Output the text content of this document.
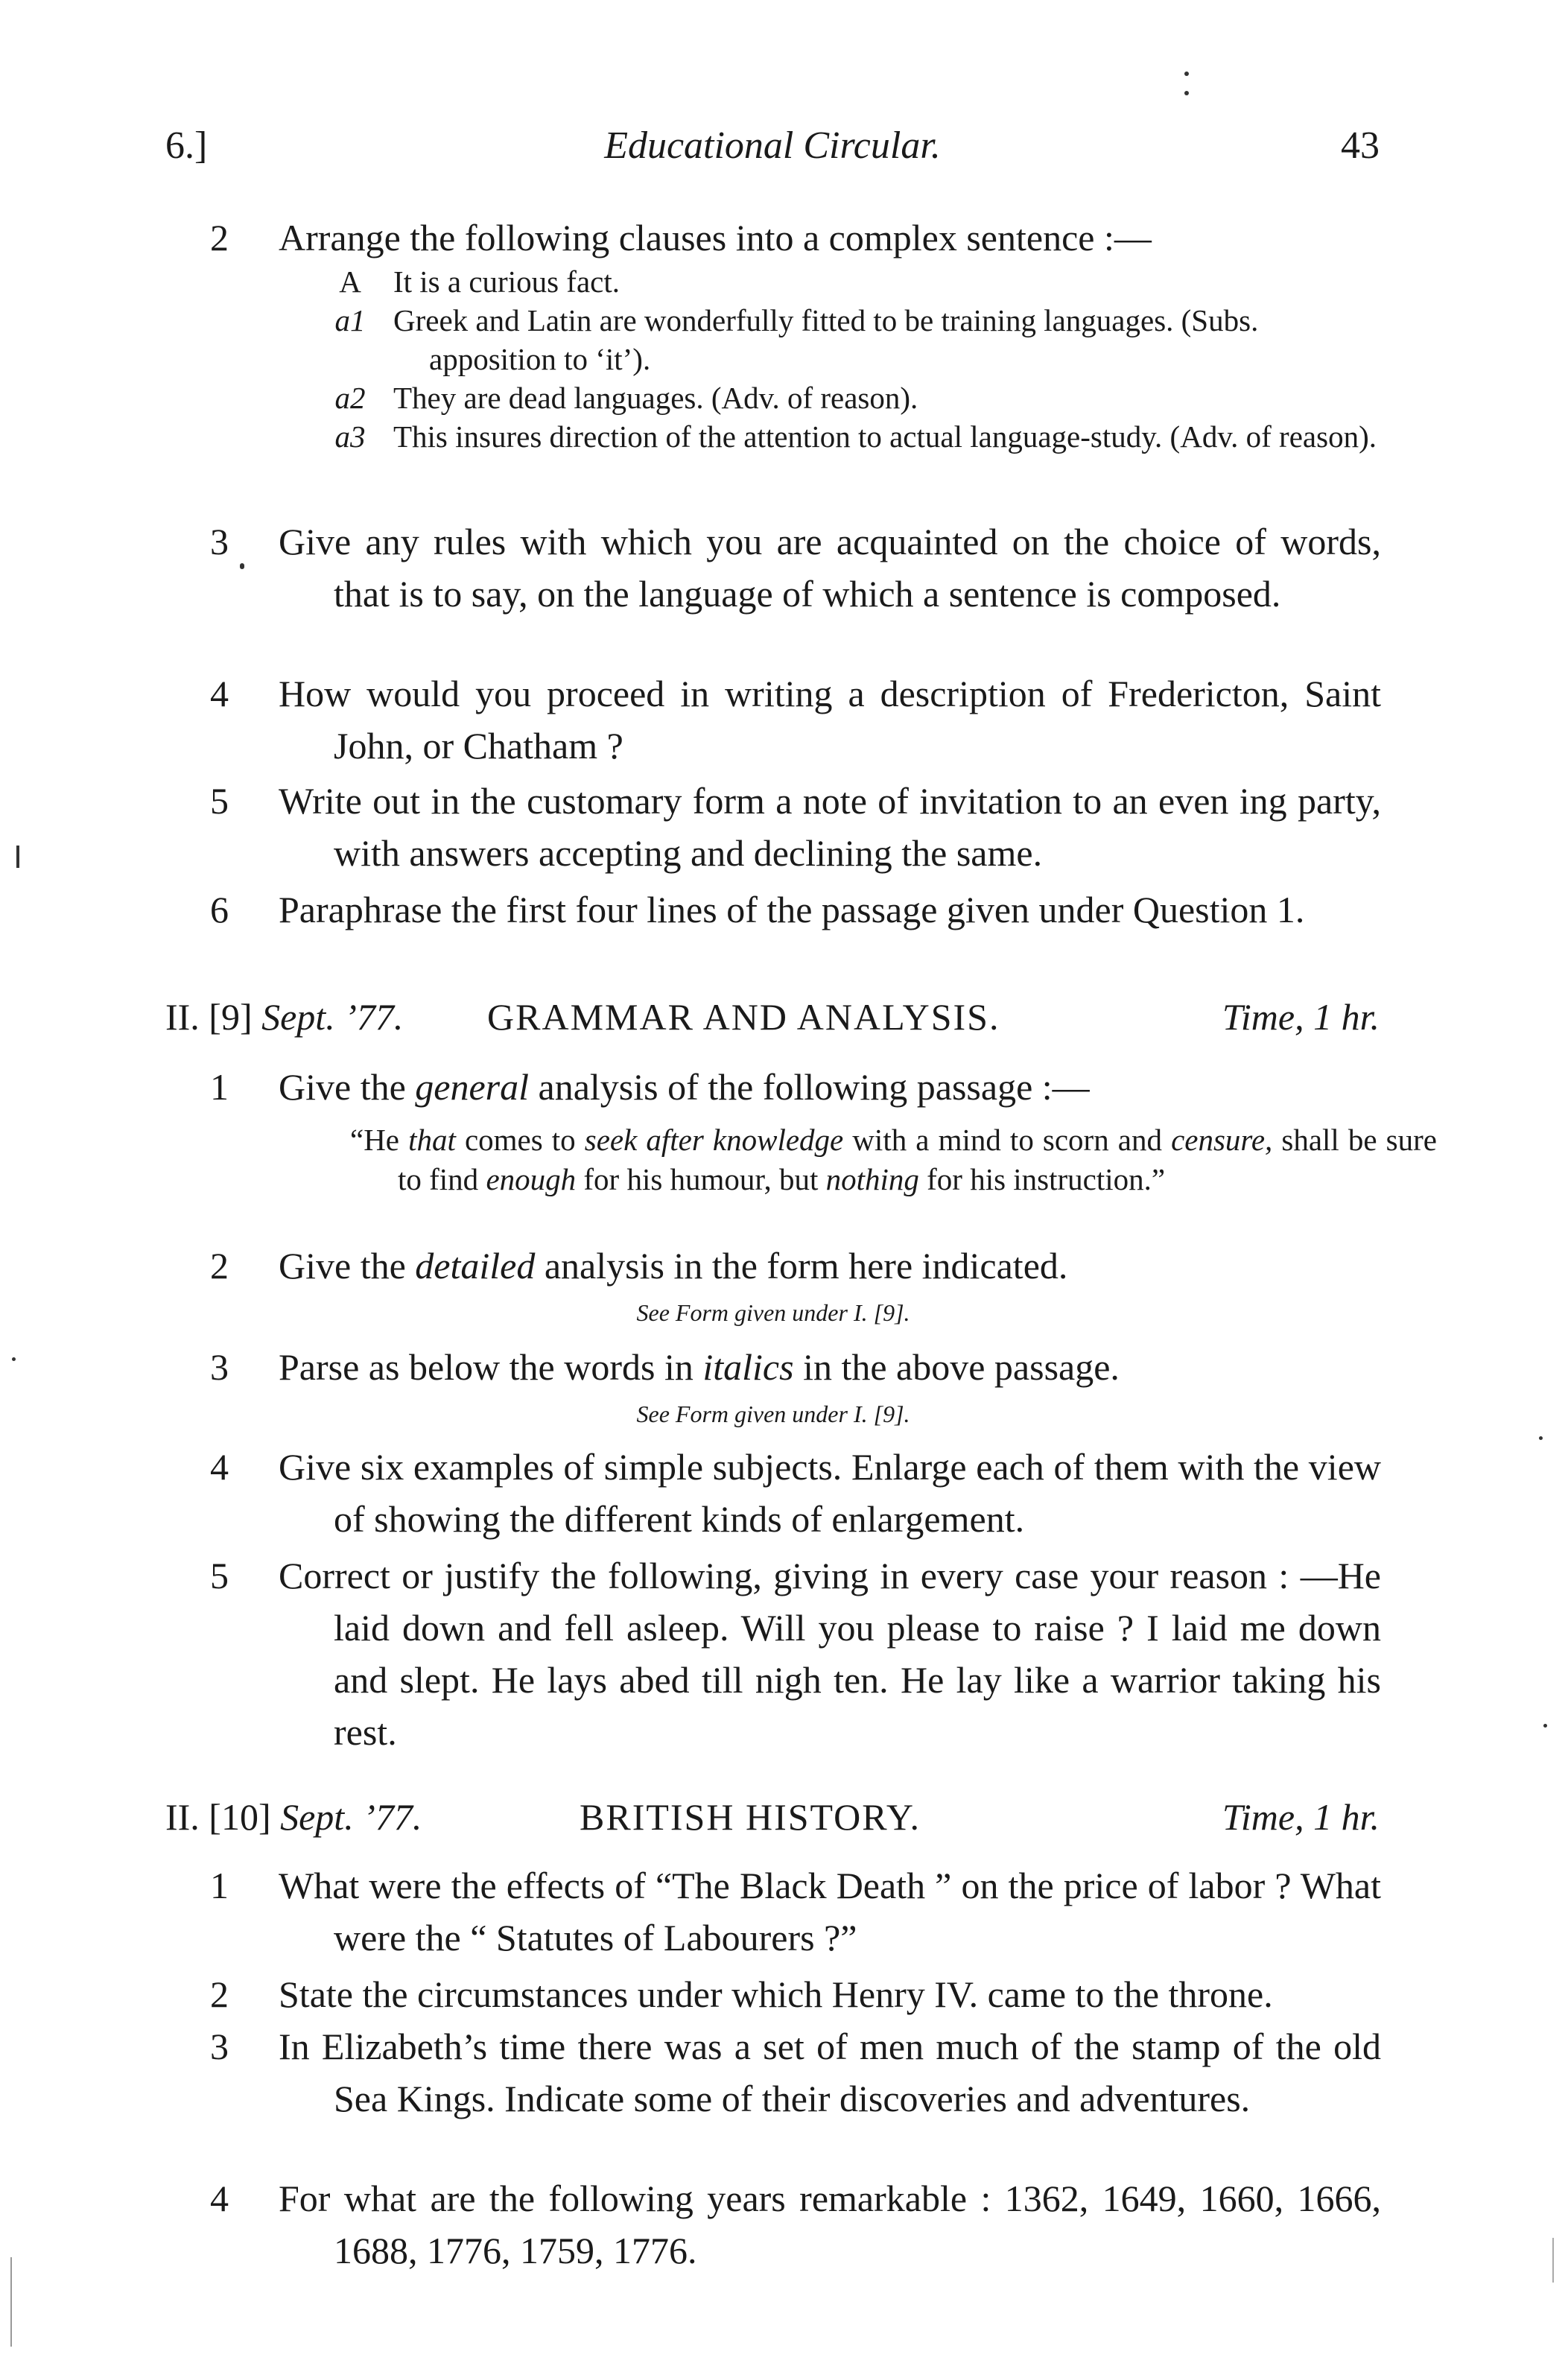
6.]	Educational Circular.	43
2	Arrange the following clauses into a complex sentence :—
A	It is a curious fact.
a1 Greek and Latin are wonderfully fitted to be training languages. (Subs. apposition to ‘it’).
a2 They are dead languages. (Adv. of reason).
a3 This insures direction of the attention to actual language-study. (Adv. of reason).
3	Give any rules with which you are acquainted on the choice of words, that is to say, on the language of which a sentence is composed.
4	How would you proceed in writing a description of Fredericton, Saint John, or Chatham ?
5	Write out in the customary form a note of invitation to an even ing party, with answers accepting and declining the same.
6	Paraphrase the first four lines of the passage given under Question 1.
II. [9] Sept. ’77. GRAMMAR AND ANALYSIS.	Time, 1 hr.
1	Give the general analysis of the following passage :—
“He that comes to seek after knowledge with a mind to scorn and censure, shall be sure to find enough for his humour, but nothing for his instruction.”
2	Give the detailed analysis in the form here indicated.
See Form given under I. [9].
3	Parse as below the words in italics in the above passage.
See Form given under I. [9].
4	Give six examples of simple subjects. Enlarge each of them with the view of showing the different kinds of enlargement.
5	Correct or justify the following, giving in every case your reason : —He laid down and fell asleep. Will you please to raise ? I laid me down and slept. He lays abed till nigh ten. He lay like a warrior taking his rest.
II. [10] Sept. ’77.	BRITISH HISTORY.	Time, 1 hr.
1	What were the effects of “The Black Death ” on the price of labor ? What were the “ Statutes of Labourers ?”
2	State the circumstances under which Henry IV. came to the throne.
3	In Elizabeth’s time there was a set of men much of the stamp of the old Sea Kings. Indicate some of their discoveries and adventures.
4	For what are the following years remarkable : 1362, 1649, 1660, 1666, 1688, 1776, 1759, 1776.
